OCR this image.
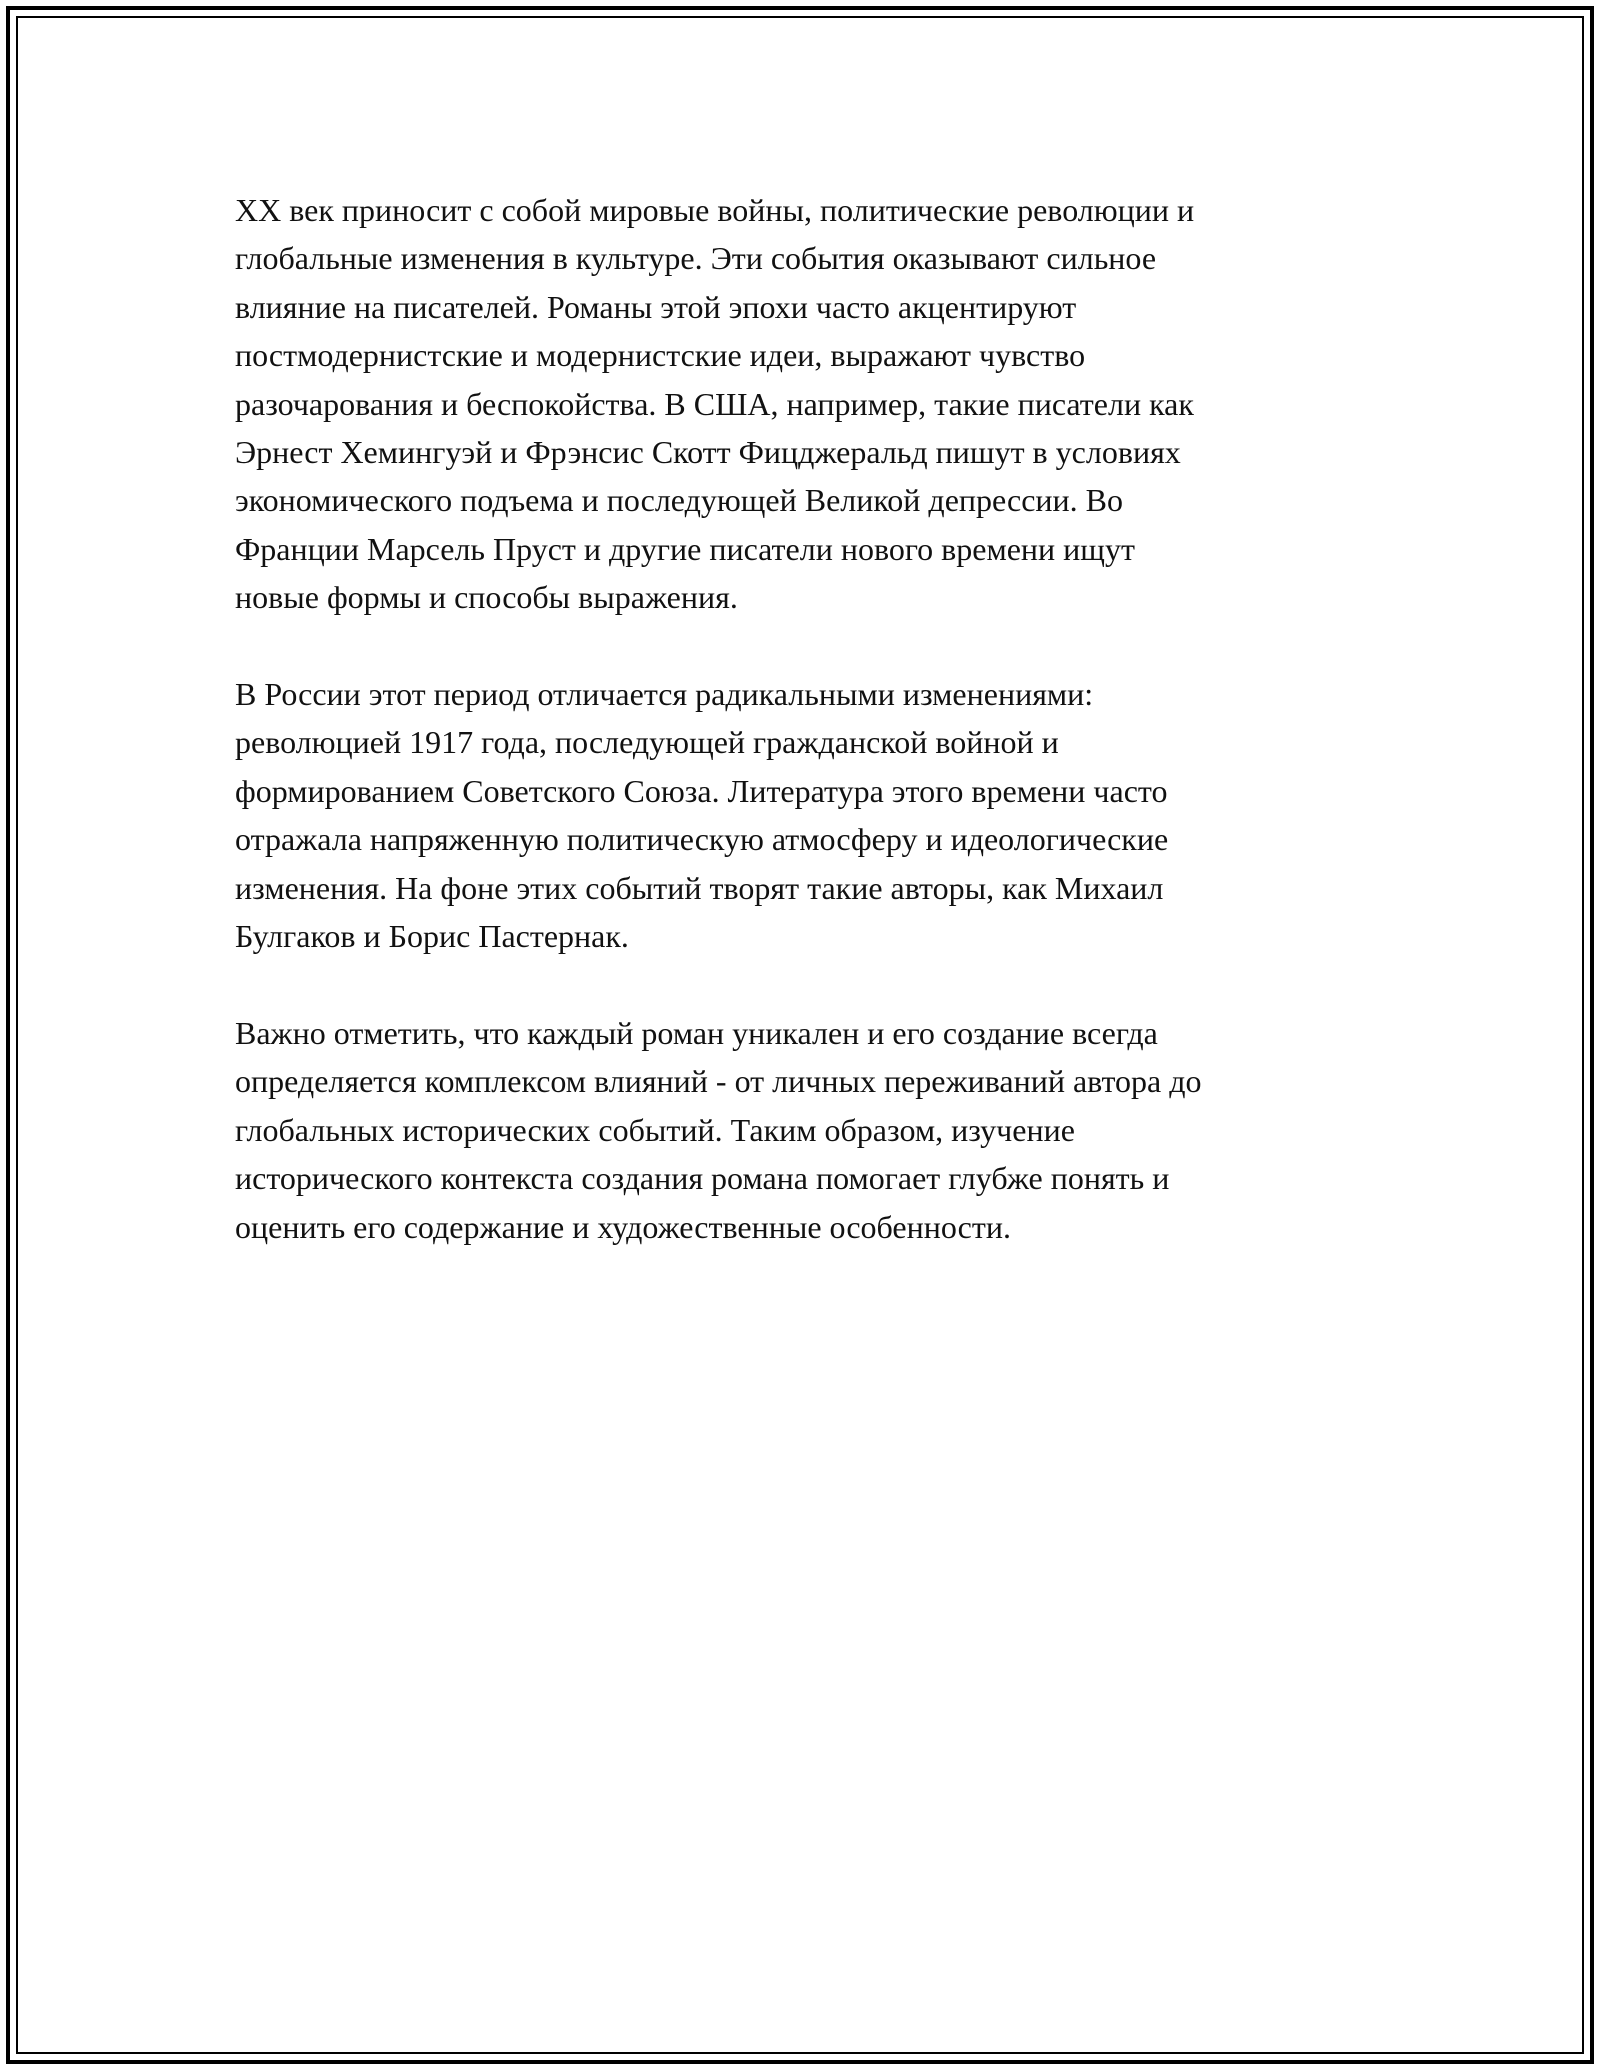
XX век приносит с собой мировые войны, политические революции и
глобальные изменения в культуре. Эти события оказывают сильное
влияние на писателей. Романы этой эпохи часто акцентируют
постмодернистские и модернистские идеи, выражают чувство
разочарования и беспокойства. В США, например, такие писатели как
Эрнест Хемингуэй и Фрэнсис Скотт Фицджеральд пишут в условиях
экономического подъема и последующей Великой депрессии. Во
Франции Марсель Пруст и другие писатели нового времени ищут
новые формы и способы выражения.

В России этот период отличается радикальными изменениями:
революцией 1917 года, последующей гражданской войной и
формированием Советского Союза. Литература этого времени часто
отражала напряженную политическую атмосферу и идеологические
изменения. На фоне этих событий творят такие авторы, как Михаил
Булгаков и Борис Пастернак.

Важно отметить, что каждый роман уникален и его создание всегда
определяется комплексом влияний - от личных переживаний автора до
глобальных исторических событий. Таким образом, изучение
исторического контекста создания романа помогает глубже понять и
оценить его содержание и художественные особенности.
